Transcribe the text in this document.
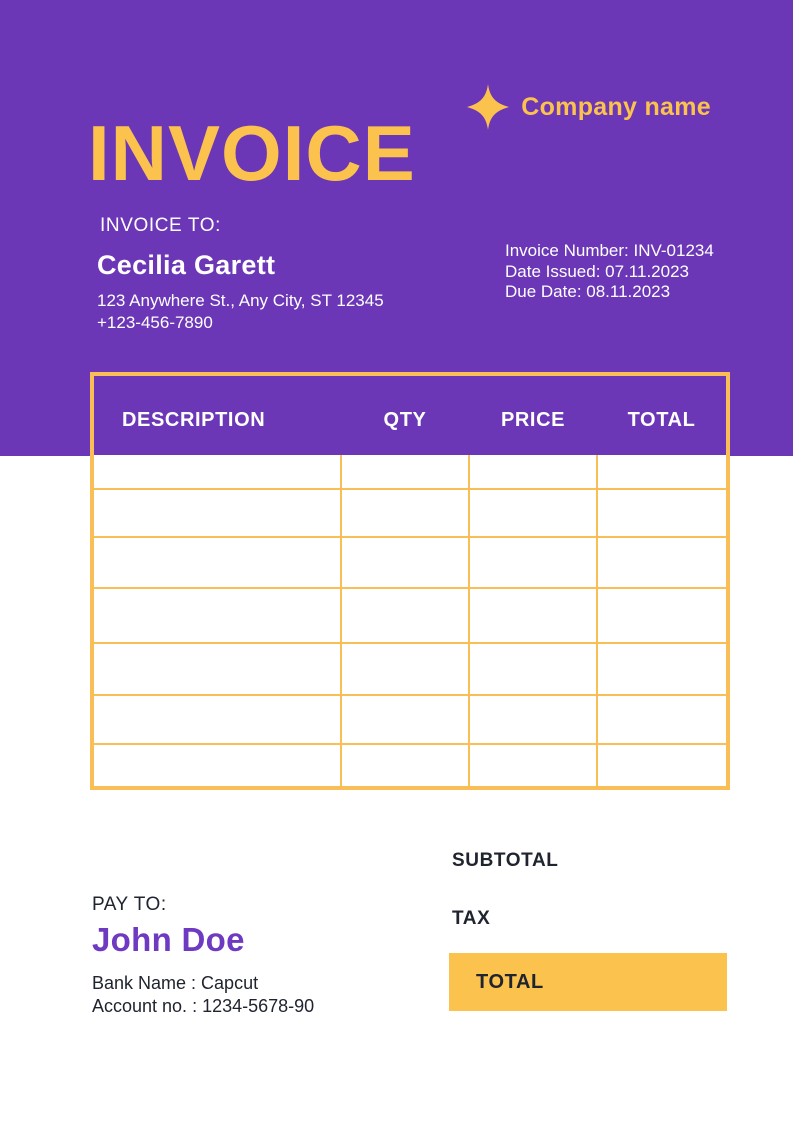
Company name
INVOICE
INVOICE TO:
Cecilia Garett
123 Anywhere St., Any City, ST 12345
+123-456-7890
Invoice Number: INV-01234
Date Issued: 07.11.2023
Due Date: 08.11.2023
DESCRIPTION	QTY	PRICE	TOTAL

PAY TO:
John Doe
Bank Name : Capcut
Account no. : 1234-5678-90
SUBTOTAL
TAX
TOTAL
